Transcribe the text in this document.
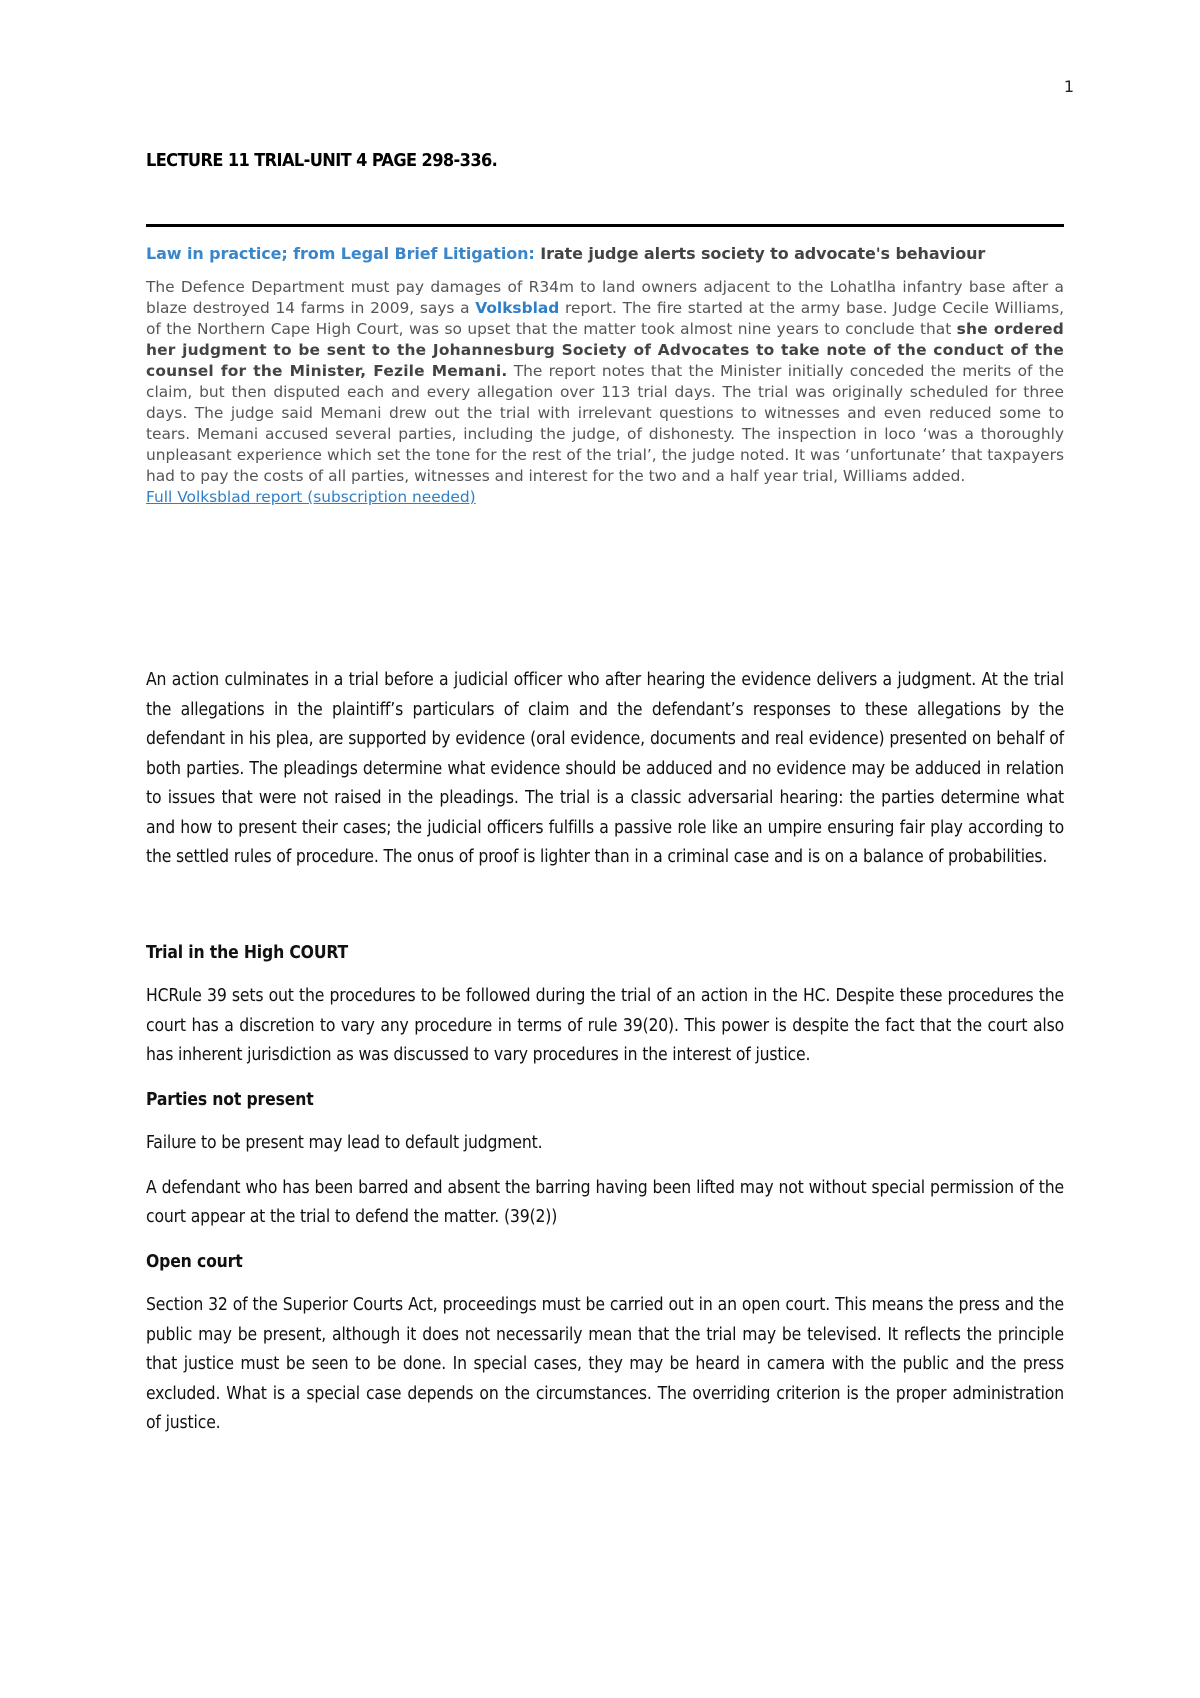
1
LECTURE 11 TRIAL-UNIT 4 PAGE 298-336.

Law in practice; from Legal Brief Litigation: Irate judge alerts society to advocate's behaviour

The Defence Department must pay damages of R34m to land owners adjacent to the Lohatlha infantry base after a blaze destroyed 14 farms in 2009, says a Volksblad report. The fire started at the army base. Judge Cecile Williams, of the Northern Cape High Court, was so upset that the matter took almost nine years to conclude that she ordered her judgment to be sent to the Johannesburg Society of Advocates to take note of the conduct of the counsel for the Minister, Fezile Memani. The report notes that the Minister initially conceded the merits of the claim, but then disputed each and every allegation over 113 trial days. The trial was originally scheduled for three days. The judge said Memani drew out the trial with irrelevant questions to witnesses and even reduced some to tears. Memani accused several parties, including the judge, of dishonesty. The inspection in loco ‘was a thoroughly unpleasant experience which set the tone for the rest of the trial’, the judge noted. It was ‘unfortunate’ that taxpayers had to pay the costs of all parties, witnesses and interest for the two and a half year trial, Williams added.

Full Volksblad report (subscription needed)

An action culminates in a trial before a judicial officer who after hearing the evidence delivers a judgment. At the trial the allegations in the plaintiff’s particulars of claim and the defendant’s responses to these allegations by the defendant in his plea, are supported by evidence (oral evidence, documents and real evidence) presented on behalf of both parties. The pleadings determine what evidence should be adduced and no evidence may be adduced in relation to issues that were not raised in the pleadings. The trial is a classic adversarial hearing: the parties determine what and how to present their cases; the judicial officers fulfills a passive role like an umpire ensuring fair play according to the settled rules of procedure. The onus of proof is lighter than in a criminal case and is on a balance of probabilities.

Trial in the High COURT

HCRule 39 sets out the procedures to be followed during the trial of an action in the HC. Despite these procedures the court has a discretion to vary any procedure in terms of rule 39(20). This power is despite the fact that the court also has inherent jurisdiction as was discussed to vary procedures in the interest of justice.

Parties not present

Failure to be present may lead to default judgment.

A defendant who has been barred and absent the barring having been lifted may not without special permission of the court appear at the trial to defend the matter. (39(2))

Open court

Section 32 of the Superior Courts Act, proceedings must be carried out in an open court. This means the press and the public may be present, although it does not necessarily mean that the trial may be televised. It reflects the principle that justice must be seen to be done. In special cases, they may be heard in camera with the public and the press excluded. What is a special case depends on the circumstances. The overriding criterion is the proper administration of justice.
